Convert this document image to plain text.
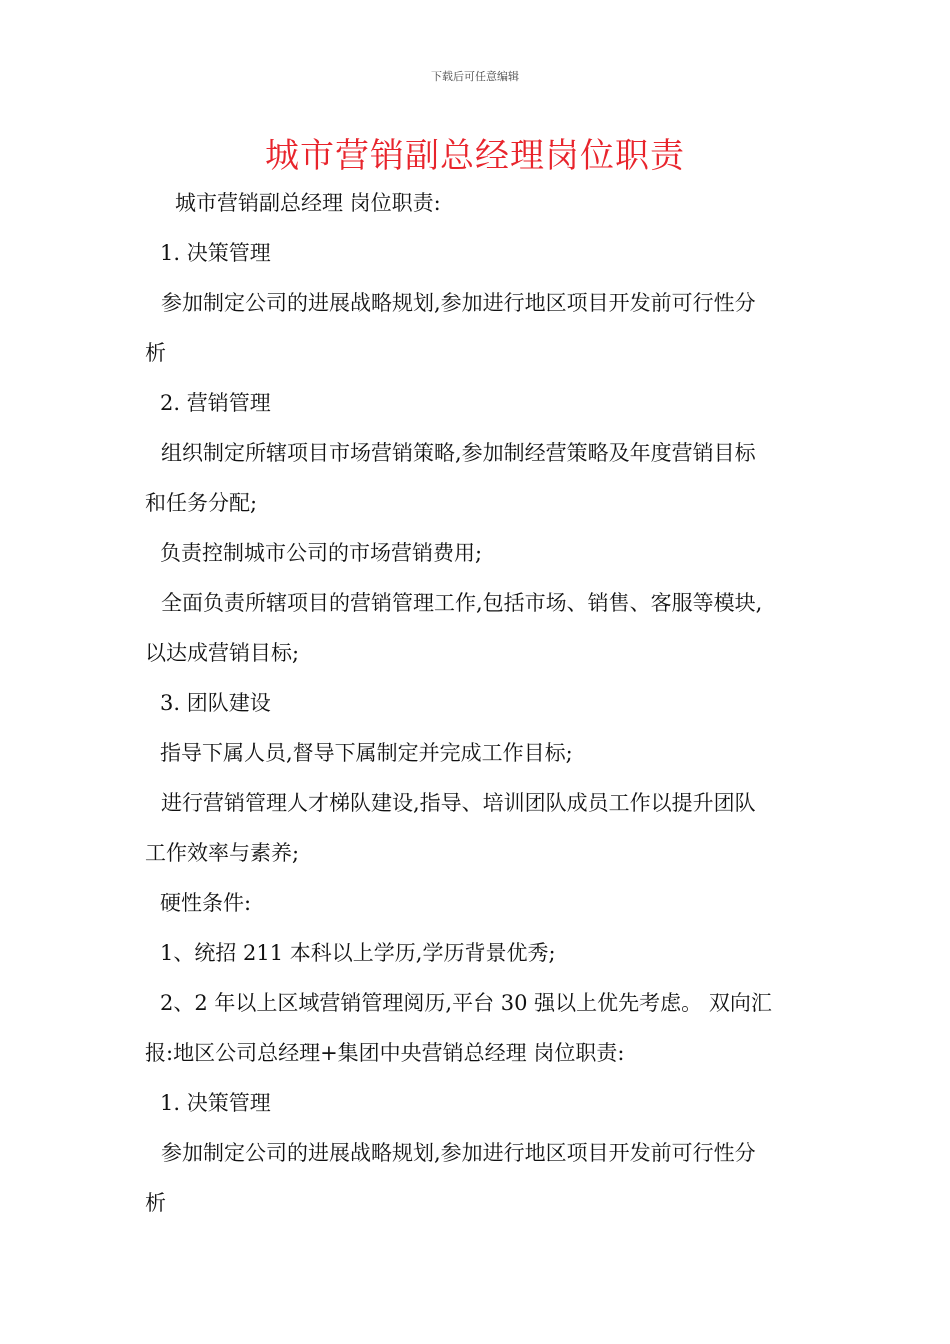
下载后可任意编辑
城市营销副总经理岗位职责
城市营销副总经理 岗位职责:
1. 决策管理
参加制定公司的进展战略规划,参加进行地区项目开发前可行性分
析
2. 营销管理
组织制定所辖项目市场营销策略,参加制经营策略及年度营销目标
和任务分配;
负责控制城市公司的市场营销费用;
全面负责所辖项目的营销管理工作,包括市场、销售、客服等模块,
以达成营销目标;
3. 团队建设
指导下属人员,督导下属制定并完成工作目标;
进行营销管理人才梯队建设,指导、培训团队成员工作以提升团队
工作效率与素养;
硬性条件:
1、统招 211 本科以上学历,学历背景优秀;
2、2 年以上区域营销管理阅历,平台 30 强以上优先考虑。 双向汇
报:地区公司总经理+集团中央营销总经理 岗位职责:
1. 决策管理
参加制定公司的进展战略规划,参加进行地区项目开发前可行性分
析
